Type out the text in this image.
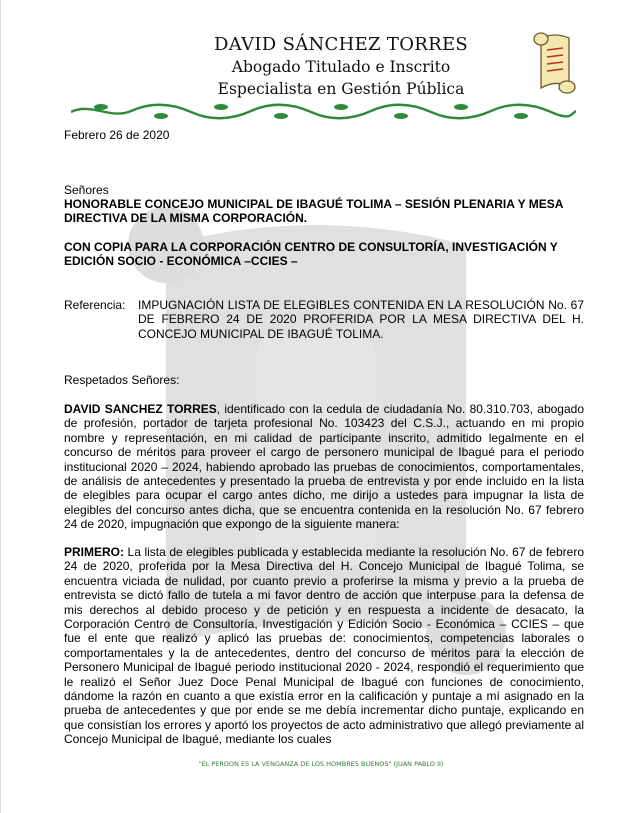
DAVID SÁNCHEZ TORRES
Abogado Titulado e Inscrito
Especialista en Gestión Pública
Febrero 26 de 2020
Señores
HONORABLE CONCEJO MUNICIPAL DE IBAGUÉ TOLIMA – SESIÓN PLENARIA Y MESA DIRECTIVA DE LA MISMA CORPORACIÓN.
CON COPIA PARA LA CORPORACIÓN CENTRO DE CONSULTORÍA, INVESTIGACIÓN Y EDICIÓN SOCIO - ECONÓMICA –CCIES –
Referencia: IMPUGNACIÓN LISTA DE ELEGIBLES CONTENIDA EN LA RESOLUCIÓN No. 67 DE FEBRERO 24 DE 2020 PROFERIDA POR LA MESA DIRECTIVA DEL H. CONCEJO MUNICIPAL DE IBAGUÉ TOLIMA.
Respetados Señores:
DAVID SANCHEZ TORRES, identificado con la cedula de ciudadanía No. 80.310.703, abogado de profesión, portador de tarjeta profesional No. 103423 del C.S.J., actuando en mi propio nombre y representación, en mi calidad de participante inscrito, admitido legalmente en el concurso de méritos para proveer el cargo de personero municipal de Ibagué para el periodo institucional 2020 – 2024, habiendo aprobado las pruebas de conocimientos, comportamentales, de análisis de antecedentes y presentado la prueba de entrevista y por ende incluido en la lista de elegibles para ocupar el cargo antes dicho, me dirijo a ustedes para impugnar la lista de elegibles del concurso antes dicha, que se encuentra contenida en la resolución No. 67 febrero 24 de 2020, impugnación que expongo de la siguiente manera:
PRIMERO: La lista de elegibles publicada y establecida mediante la resolución No. 67 de febrero 24 de 2020, proferida por la Mesa Directiva del H. Concejo Municipal de Ibagué Tolima, se encuentra viciada de nulidad, por cuanto previo a proferirse la misma y previo a la prueba de entrevista se dictó fallo de tutela a mi favor dentro de acción que interpuse para la defensa de mis derechos al debido proceso y de petición y en respuesta a incidente de desacato, la Corporación Centro de Consultoría, Investigación y Edición Socio - Económica – CCIES – que fue el ente que realizó y aplicó las pruebas de: conocimientos, competencias laborales o comportamentales y la de antecedentes, dentro del concurso de méritos para la elección de Personero Municipal de Ibagué periodo institucional 2020 - 2024, respondió el requerimiento que le realizó el Señor Juez Doce Penal Municipal de Ibagué con funciones de conocimiento, dándome la razón en cuanto a que existía error en la calificación y puntaje a mí asignado en la prueba de antecedentes y que por ende se me debía incrementar dicho puntaje, explicando en que consistían los errores y aportó los proyectos de acto administrativo que allegó previamente al Concejo Municipal de Ibagué, mediante los cuales
"EL PERDON ES LA VENGANZA DE LOS HOMBRES BUENOS" (JUAN PABLO II)
